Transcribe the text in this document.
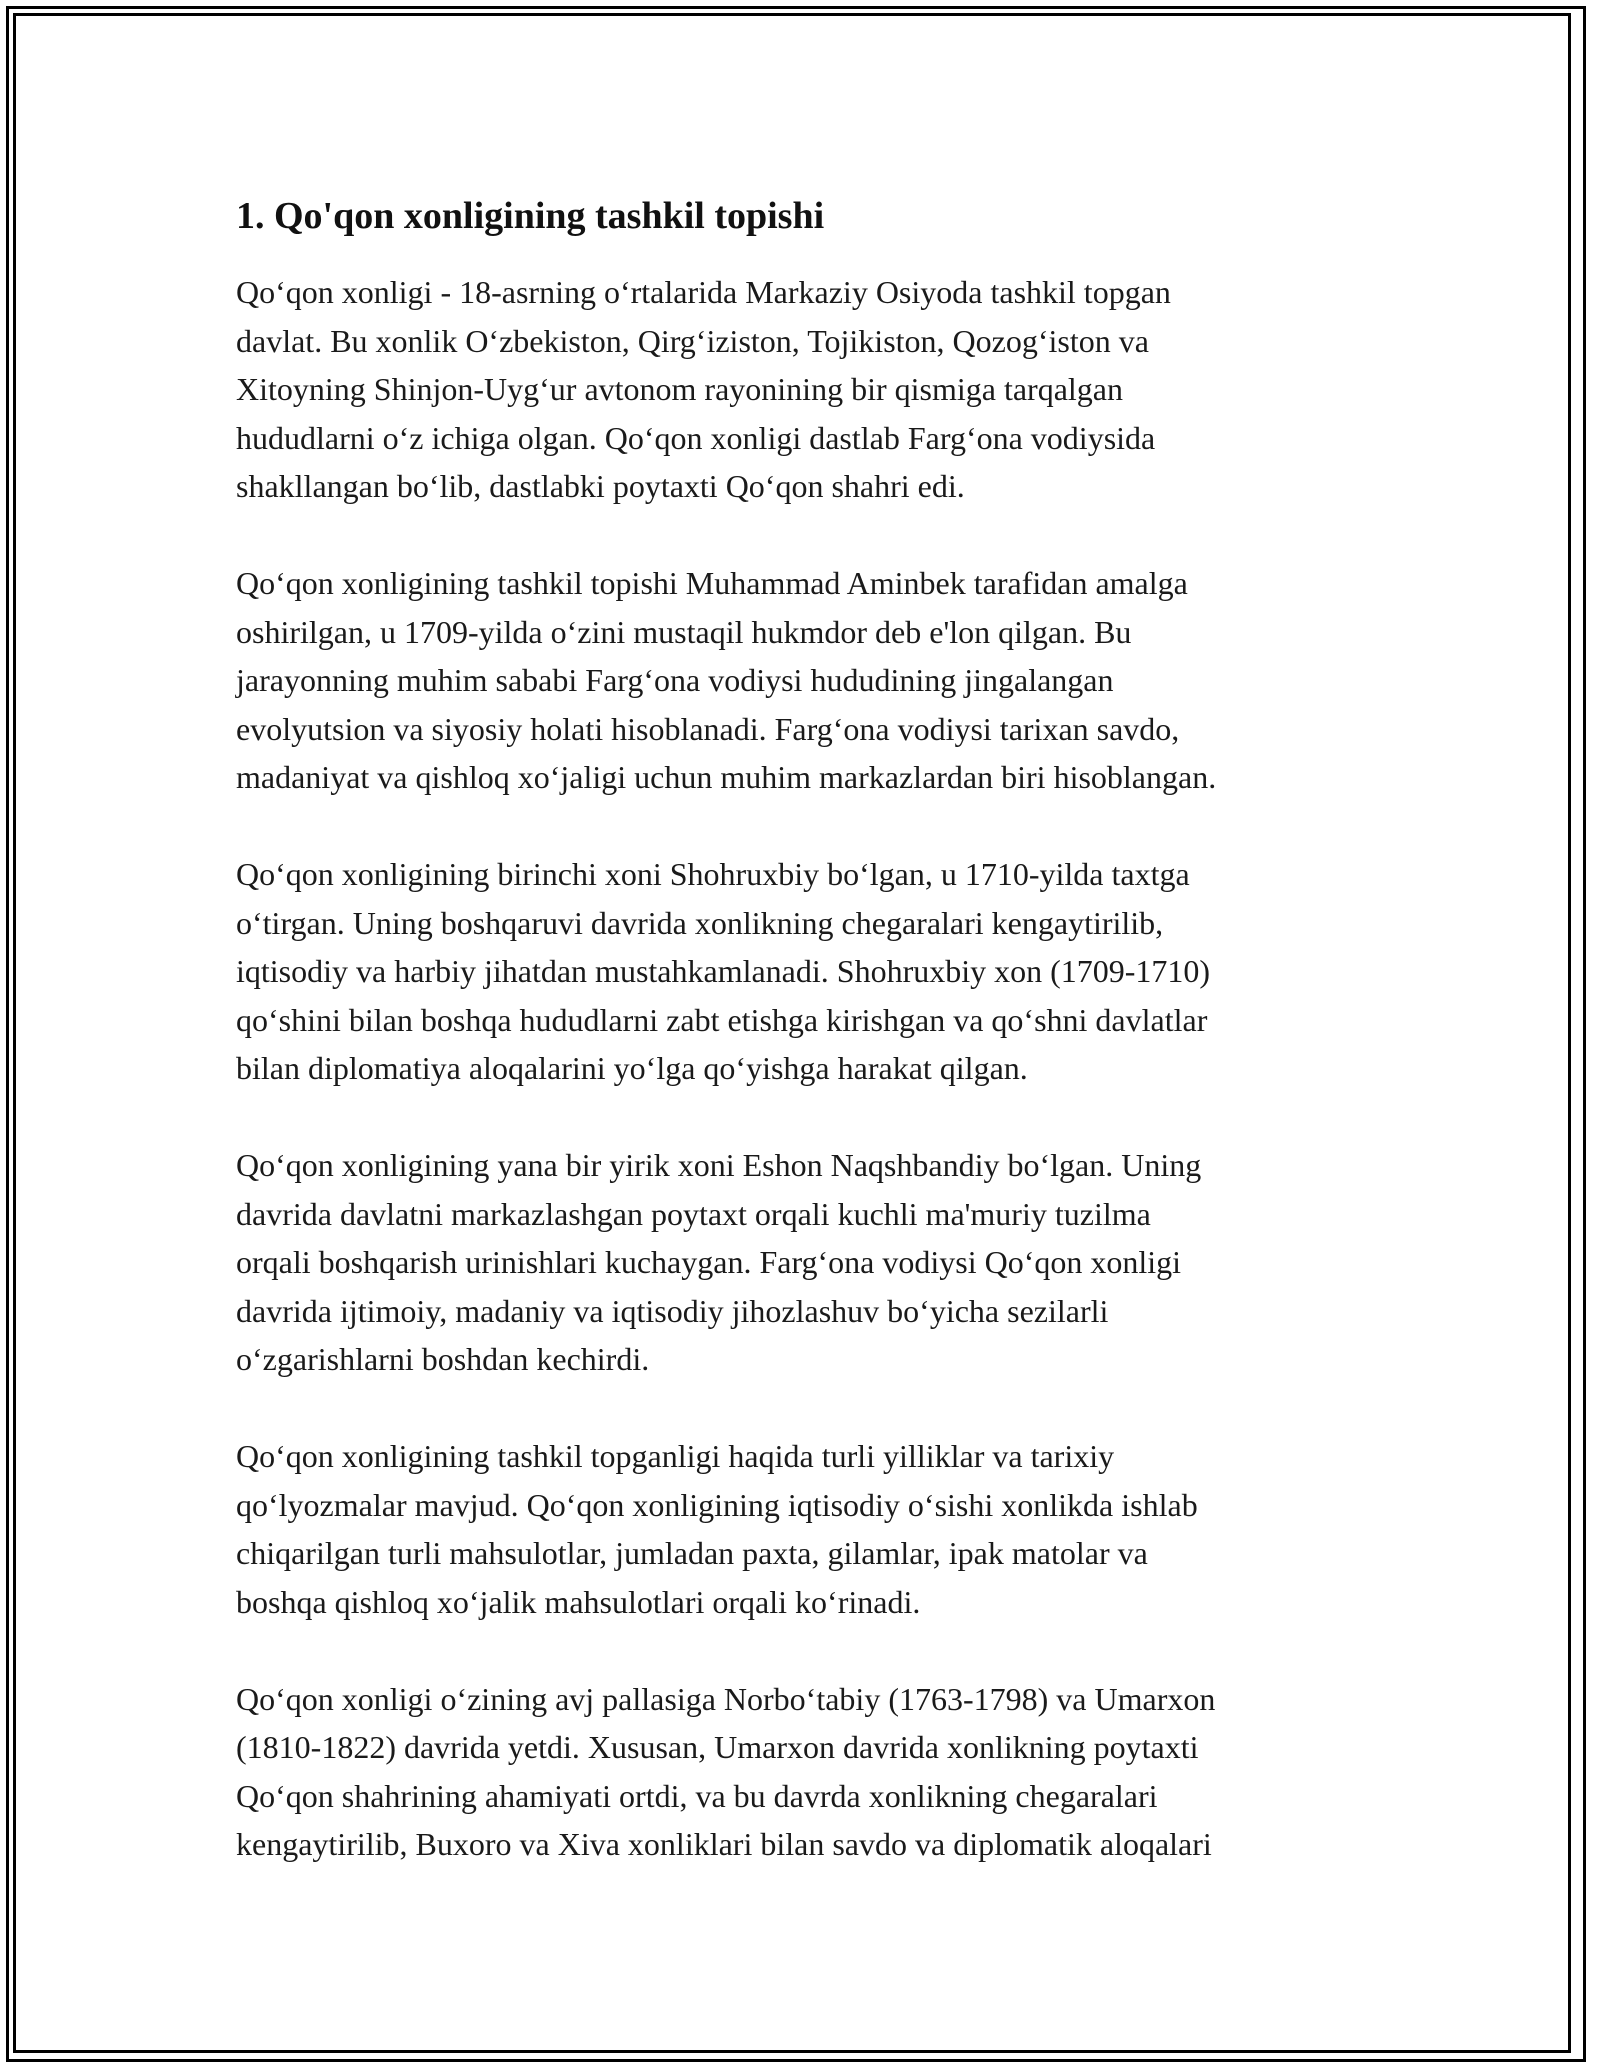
1. Qo'qon xonligining tashkil topishi
Qo‘qon xonligi - 18-asrning o‘rtalarida Markaziy Osiyoda tashkil topgan
davlat. Bu xonlik O‘zbekiston, Qirg‘iziston, Tojikiston, Qozog‘iston va
Xitoyning Shinjon-Uyg‘ur avtonom rayonining bir qismiga tarqalgan
hududlarni o‘z ichiga olgan. Qo‘qon xonligi dastlab Farg‘ona vodiysida
shakllangan bo‘lib, dastlabki poytaxti Qo‘qon shahri edi.
Qo‘qon xonligining tashkil topishi Muhammad Aminbek tarafidan amalga
oshirilgan, u 1709-yilda o‘zini mustaqil hukmdor deb e'lon qilgan. Bu
jarayonning muhim sababi Farg‘ona vodiysi hududining jingalangan
evolyutsion va siyosiy holati hisoblanadi. Farg‘ona vodiysi tarixan savdo,
madaniyat va qishloq xo‘jaligi uchun muhim markazlardan biri hisoblangan.
Qo‘qon xonligining birinchi xoni Shohruxbiy bo‘lgan, u 1710-yilda taxtga
o‘tirgan. Uning boshqaruvi davrida xonlikning chegaralari kengaytirilib,
iqtisodiy va harbiy jihatdan mustahkamlanadi. Shohruxbiy xon (1709-1710)
qo‘shini bilan boshqa hududlarni zabt etishga kirishgan va qo‘shni davlatlar
bilan diplomatiya aloqalarini yo‘lga qo‘yishga harakat qilgan.
Qo‘qon xonligining yana bir yirik xoni Eshon Naqshbandiy bo‘lgan. Uning
davrida davlatni markazlashgan poytaxt orqali kuchli ma'muriy tuzilma
orqali boshqarish urinishlari kuchaygan. Farg‘ona vodiysi Qo‘qon xonligi
davrida ijtimoiy, madaniy va iqtisodiy jihozlashuv bo‘yicha sezilarli
o‘zgarishlarni boshdan kechirdi.
Qo‘qon xonligining tashkil topganligi haqida turli yilliklar va tarixiy
qo‘lyozmalar mavjud. Qo‘qon xonligining iqtisodiy o‘sishi xonlikda ishlab
chiqarilgan turli mahsulotlar, jumladan paxta, gilamlar, ipak matolar va
boshqa qishloq xo‘jalik mahsulotlari orqali ko‘rinadi.
Qo‘qon xonligi o‘zining avj pallasiga Norbo‘tabiy (1763-1798) va Umarxon
(1810-1822) davrida yetdi. Xususan, Umarxon davrida xonlikning poytaxti
Qo‘qon shahrining ahamiyati ortdi, va bu davrda xonlikning chegaralari
kengaytirilib, Buxoro va Xiva xonliklari bilan savdo va diplomatik aloqalari
